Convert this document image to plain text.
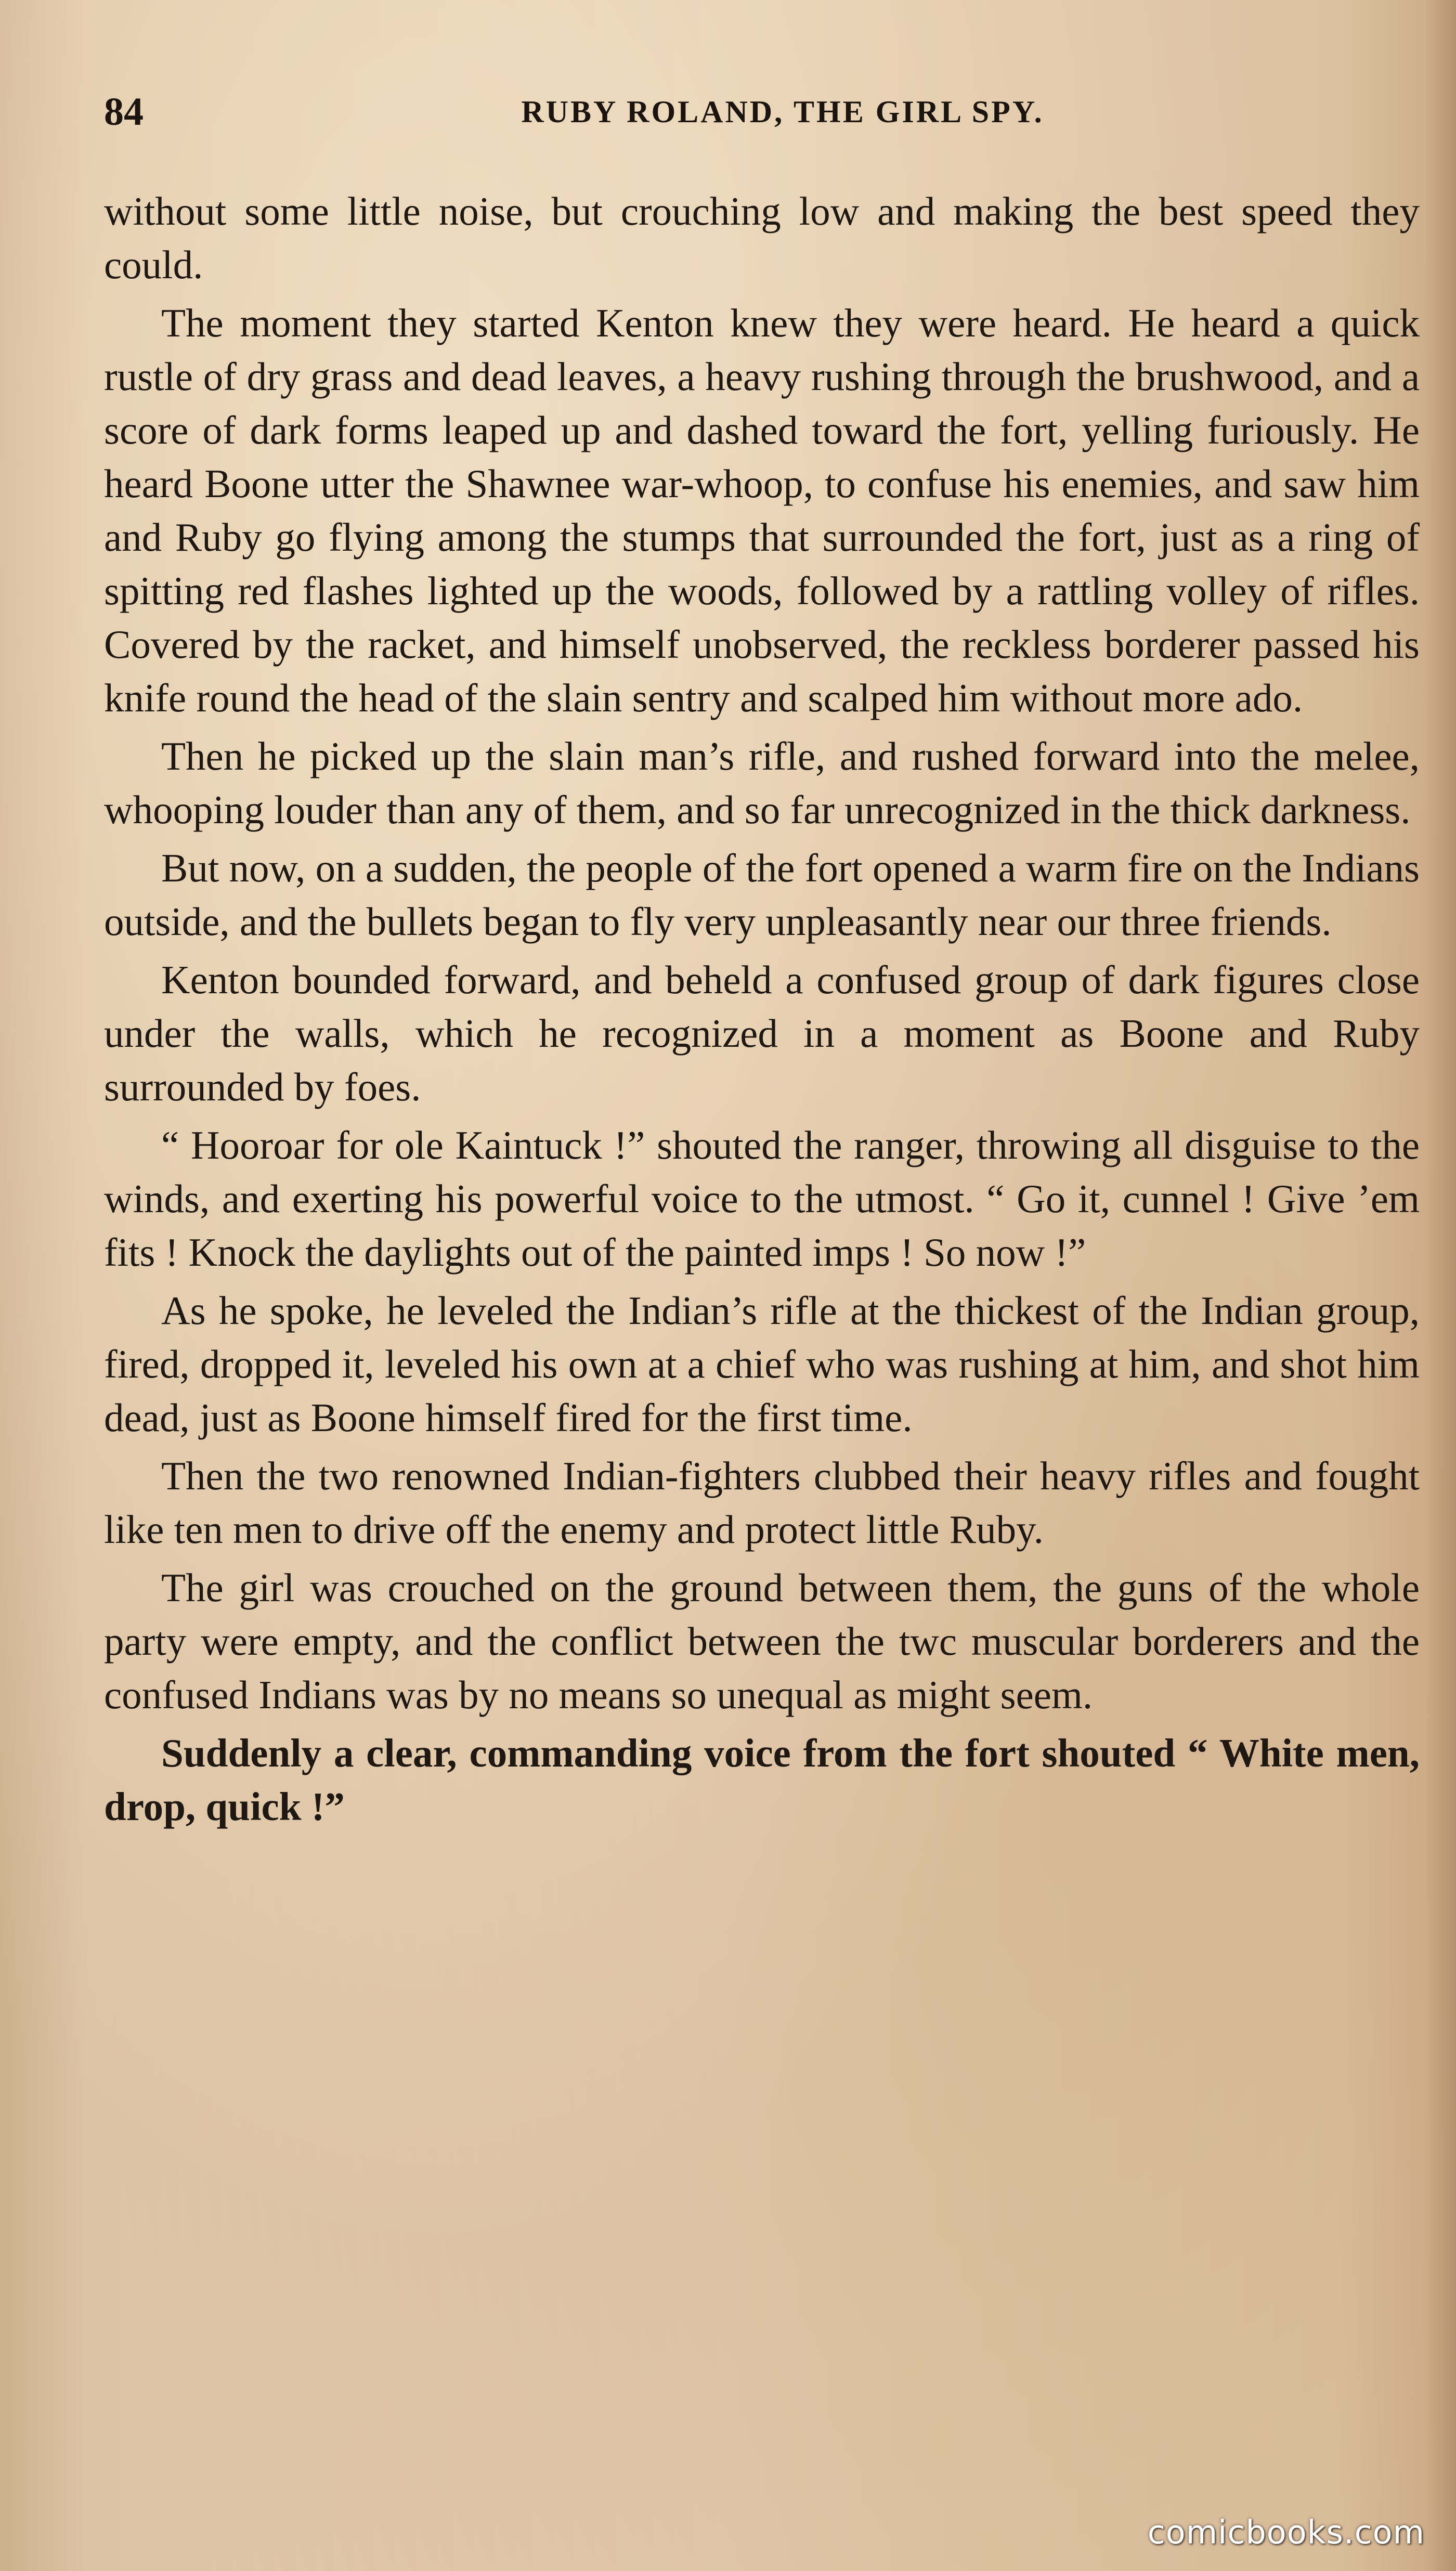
84	RUBY ROLAND, THE GIRL SPY.

without some little noise, but crouching low and making the best speed they could.

The moment they started Kenton knew they were heard. He heard a quick rustle of dry grass and dead leaves, a heavy rushing through the brushwood, and a score of dark forms leaped up and dashed toward the fort, yelling furiously. He heard Boone utter the Shawnee war-whoop, to confuse his enemies, and saw him and Ruby go flying among the stumps that surrounded the fort, just as a ring of spitting red flashes lighted up the woods, followed by a rattling volley of rifles. Covered by the racket, and himself unobserved, the reckless borderer passed his knife round the head of the slain sentry and scalped him without more ado.

Then he picked up the slain man’s rifle, and rushed forward into the melee, whooping louder than any of them, and so far unrecognized in the thick darkness.

But now, on a sudden, the people of the fort opened a warm fire on the Indians outside, and the bullets began to fly very unpleasantly near our three friends.

Kenton bounded forward, and beheld a confused group of dark figures close under the walls, which he recognized in a moment as Boone and Ruby surrounded by foes.

“ Hooroar for ole Kaintuck !” shouted the ranger, throwing all disguise to the winds, and exerting his powerful voice to the utmost. “ Go it, cunnel ! Give ’em fits ! Knock the daylights out of the painted imps ! So now !”

As he spoke, he leveled the Indian’s rifle at the thickest of the Indian group, fired, dropped it, leveled his own at a chief who was rushing at him, and shot him dead, just as Boone himself fired for the first time.

Then the two renowned Indian-fighters clubbed their heavy rifles and fought like ten men to drive off the enemy and protect little Ruby.

The girl was crouched on the ground between them, the guns of the whole party were empty, and the conflict between the twc muscular borderers and the confused Indians was by no means so unequal as might seem.

Suddenly a clear, commanding voice from the fort shouted “ White men, drop, quick !”

comicbooks.com
